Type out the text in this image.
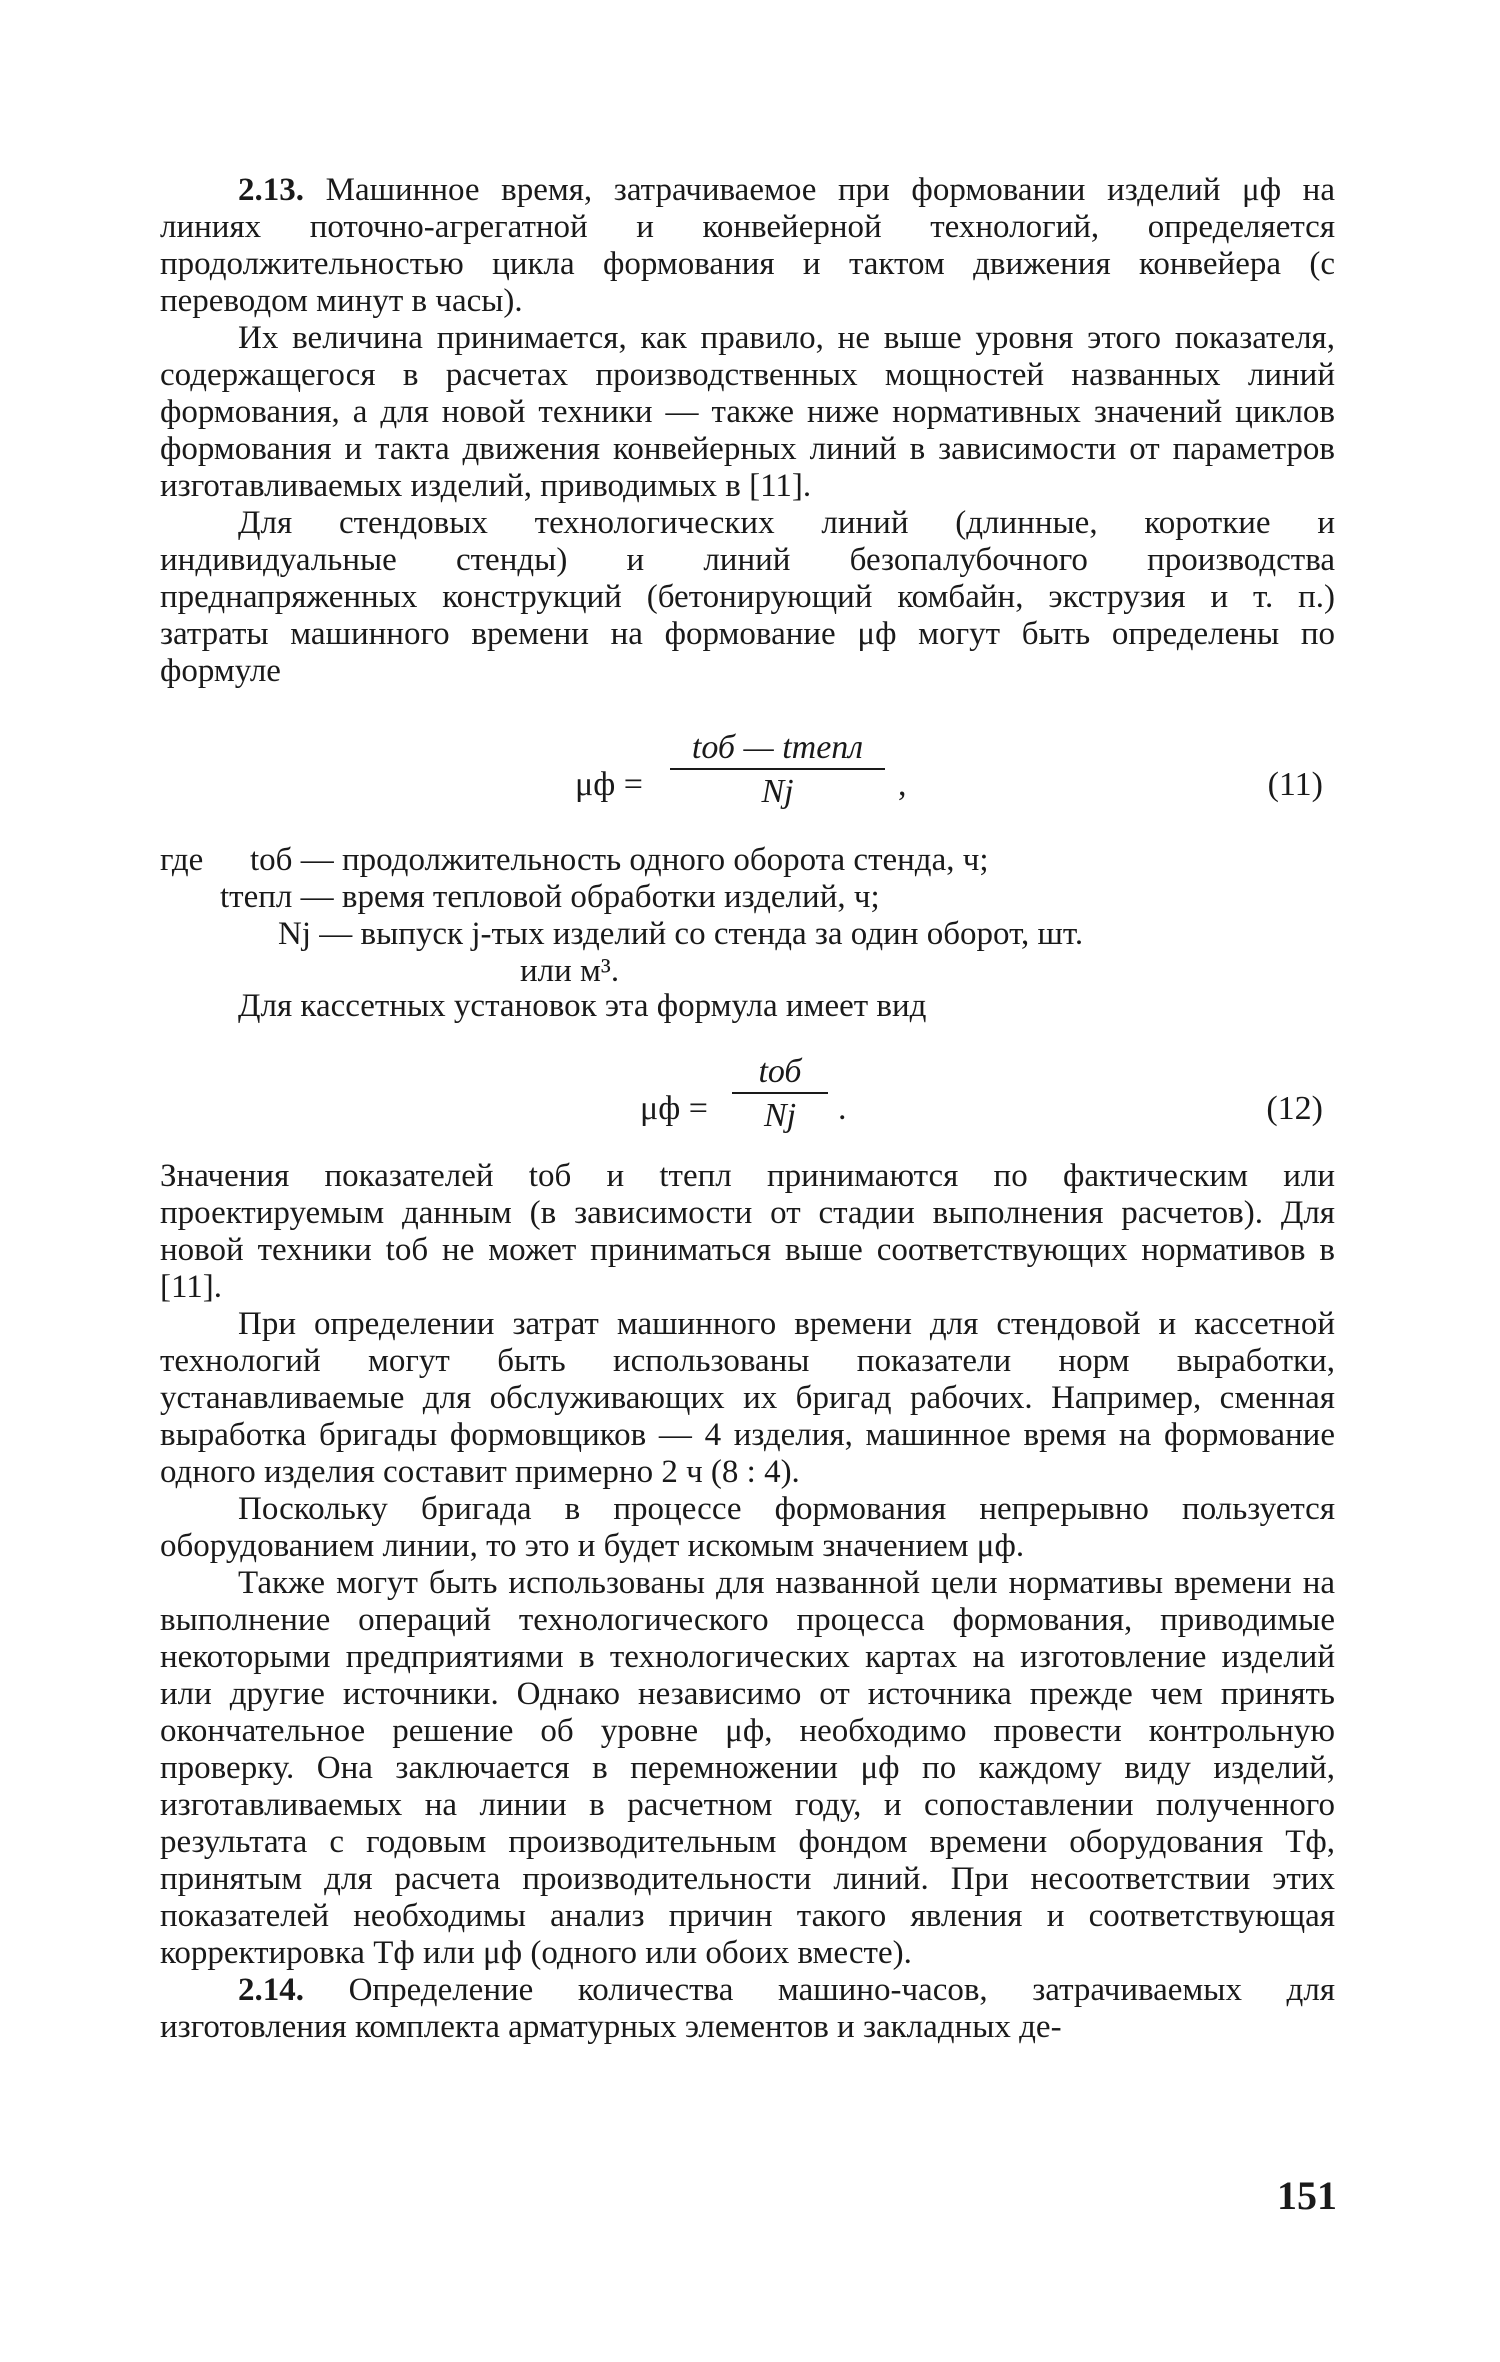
2.13. Машинное время, затрачиваемое при формовании изделий μф на линиях поточно-агрегатной и конвейерной технологий, определяется продолжительностью цикла формования и тактом движения конвейера (с переводом минут в часы).

Их величина принимается, как правило, не выше уровня этого показателя, содержащегося в расчетах производственных мощностей названных линий формования, а для новой техники — также ниже нормативных значений циклов формования и такта движения конвейерных линий в зависимости от параметров изготавливаемых изделий, приводимых в [11].

Для стендовых технологических линий (длинные, короткие и индивидуальные стенды) и линий безопалубочного производства преднапряженных конструкций (бетонирующий комбайн, экструзия и т. п.) затраты машинного времени на формование μф могут быть определены по формуле

μф =
tоб — tтепл
Nj	,	(11)
где tоб — продолжительность одного оборота стенда, ч;
tтепл — время тепловой обработки изделий, ч;
Nj — выпуск j-тых изделий со стенда за один оборот, шт.
или м³.

Для кассетных установок эта формула имеет вид

μф =
tоб
Nj	.	(12)

Значения показателей tоб и tтепл принимаются по фактическим или проектируемым данным (в зависимости от стадии выполнения расчетов). Для новой техники tоб не может приниматься выше соответствующих нормативов в [11].

При определении затрат машинного времени для стендовой и кассетной технологий могут быть использованы показатели норм выработки, устанавливаемые для обслуживающих их бригад рабочих. Например, сменная выработка бригады формовщиков — 4 изделия, машинное время на формование одного изделия составит примерно 2 ч (8 : 4).

Поскольку бригада в процессе формования непрерывно пользуется оборудованием линии, то это и будет искомым значением μф.

Также могут быть использованы для названной цели нормативы времени на выполнение операций технологического процесса формования, приводимые некоторыми предприятиями в технологических картах на изготовление изделий или другие источники. Однако независимо от источника прежде чем принять окончательное решение об уровне μф, необходимо провести контрольную проверку. Она заключается в перемножении μф по каждому виду изделий, изготавливаемых на линии в расчетном году, и сопоставлении полученного результата с годовым производительным фондом времени оборудования Тф, принятым для расчета производительности линий. При несоответствии этих показателей необходимы анализ причин такого явления и соответствующая корректировка Тф или μф (одного или обоих вместе).

2.14. Определение количества машино-часов, затрачиваемых для изготовления комплекта арматурных элементов и закладных де-

151
